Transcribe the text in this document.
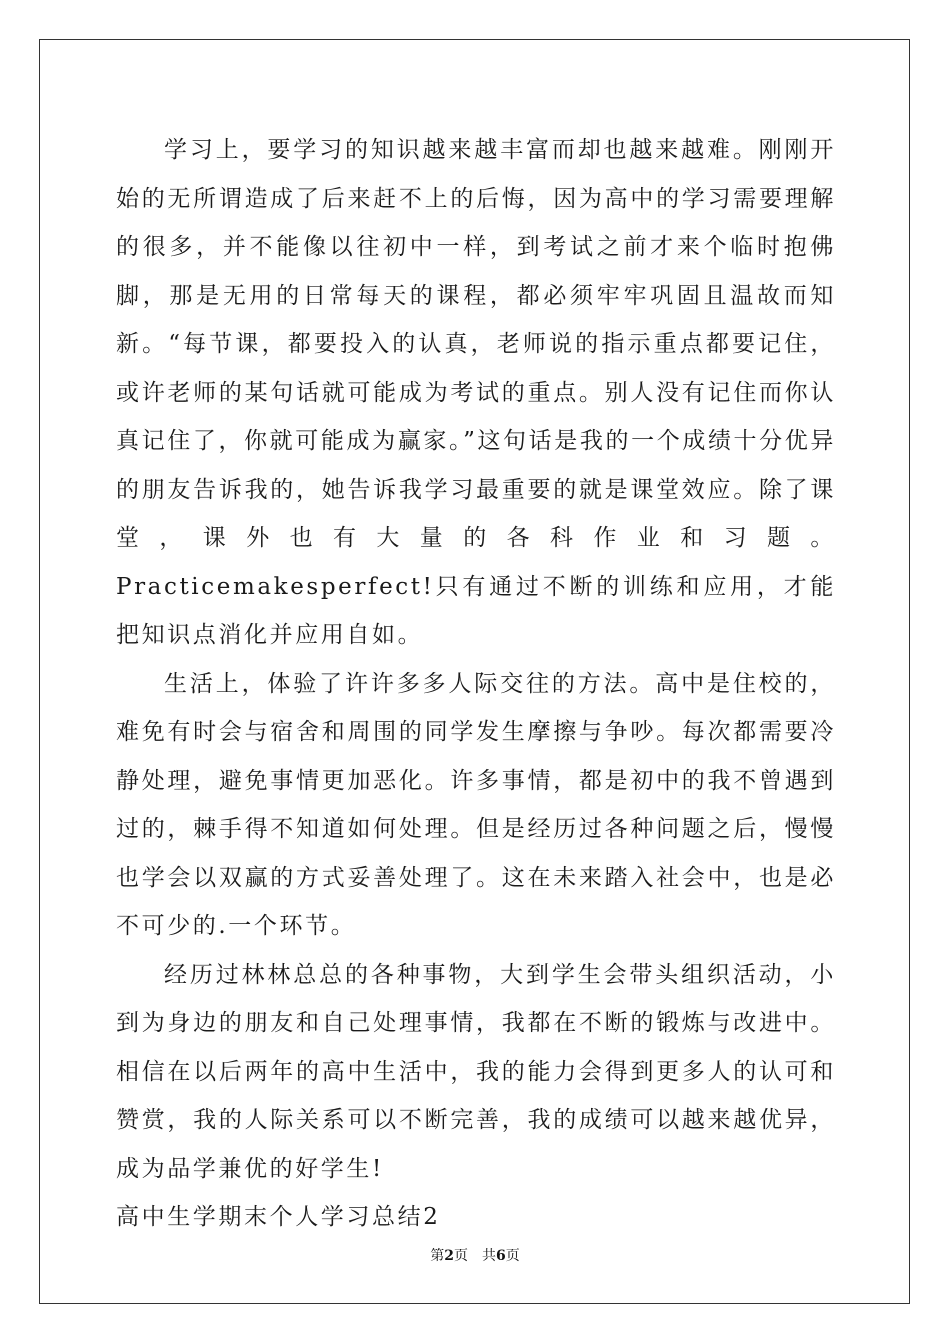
学习上，要学习的知识越来越丰富而却也越来越难。刚刚开始的无所谓造成了后来赶不上的后悔，因为高中的学习需要理解的很多，并不能像以往初中一样，到考试之前才来个临时抱佛脚，那是无用的日常每天的课程，都必须牢牢巩固且温故而知新。“每节课，都要投入的认真，老师说的指示重点都要记住，或许老师的某句话就可能成为考试的重点。别人没有记住而你认真记住了，你就可能成为赢家。”这句话是我的一个成绩十分优异的朋友告诉我的，她告诉我学习最重要的就是课堂效应。除了课堂，课外也有大量的各科作业和习题。Practicemakesperfect!只有通过不断的训练和应用，才能把知识点消化并应用自如。

生活上，体验了许许多多人际交往的方法。高中是住校的，难免有时会与宿舍和周围的同学发生摩擦与争吵。每次都需要冷静处理，避免事情更加恶化。许多事情，都是初中的我不曾遇到过的，棘手得不知道如何处理。但是经历过各种问题之后，慢慢也学会以双赢的方式妥善处理了。这在未来踏入社会中，也是必不可少的.一个环节。

经历过林林总总的各种事物，大到学生会带头组织活动，小到为身边的朋友和自己处理事情，我都在不断的锻炼与改进中。相信在以后两年的高中生活中，我的能力会得到更多人的认可和赞赏，我的人际关系可以不断完善，我的成绩可以越来越优异，成为品学兼优的好学生!

高中生学期末个人学习总结2

第2页 共6页
